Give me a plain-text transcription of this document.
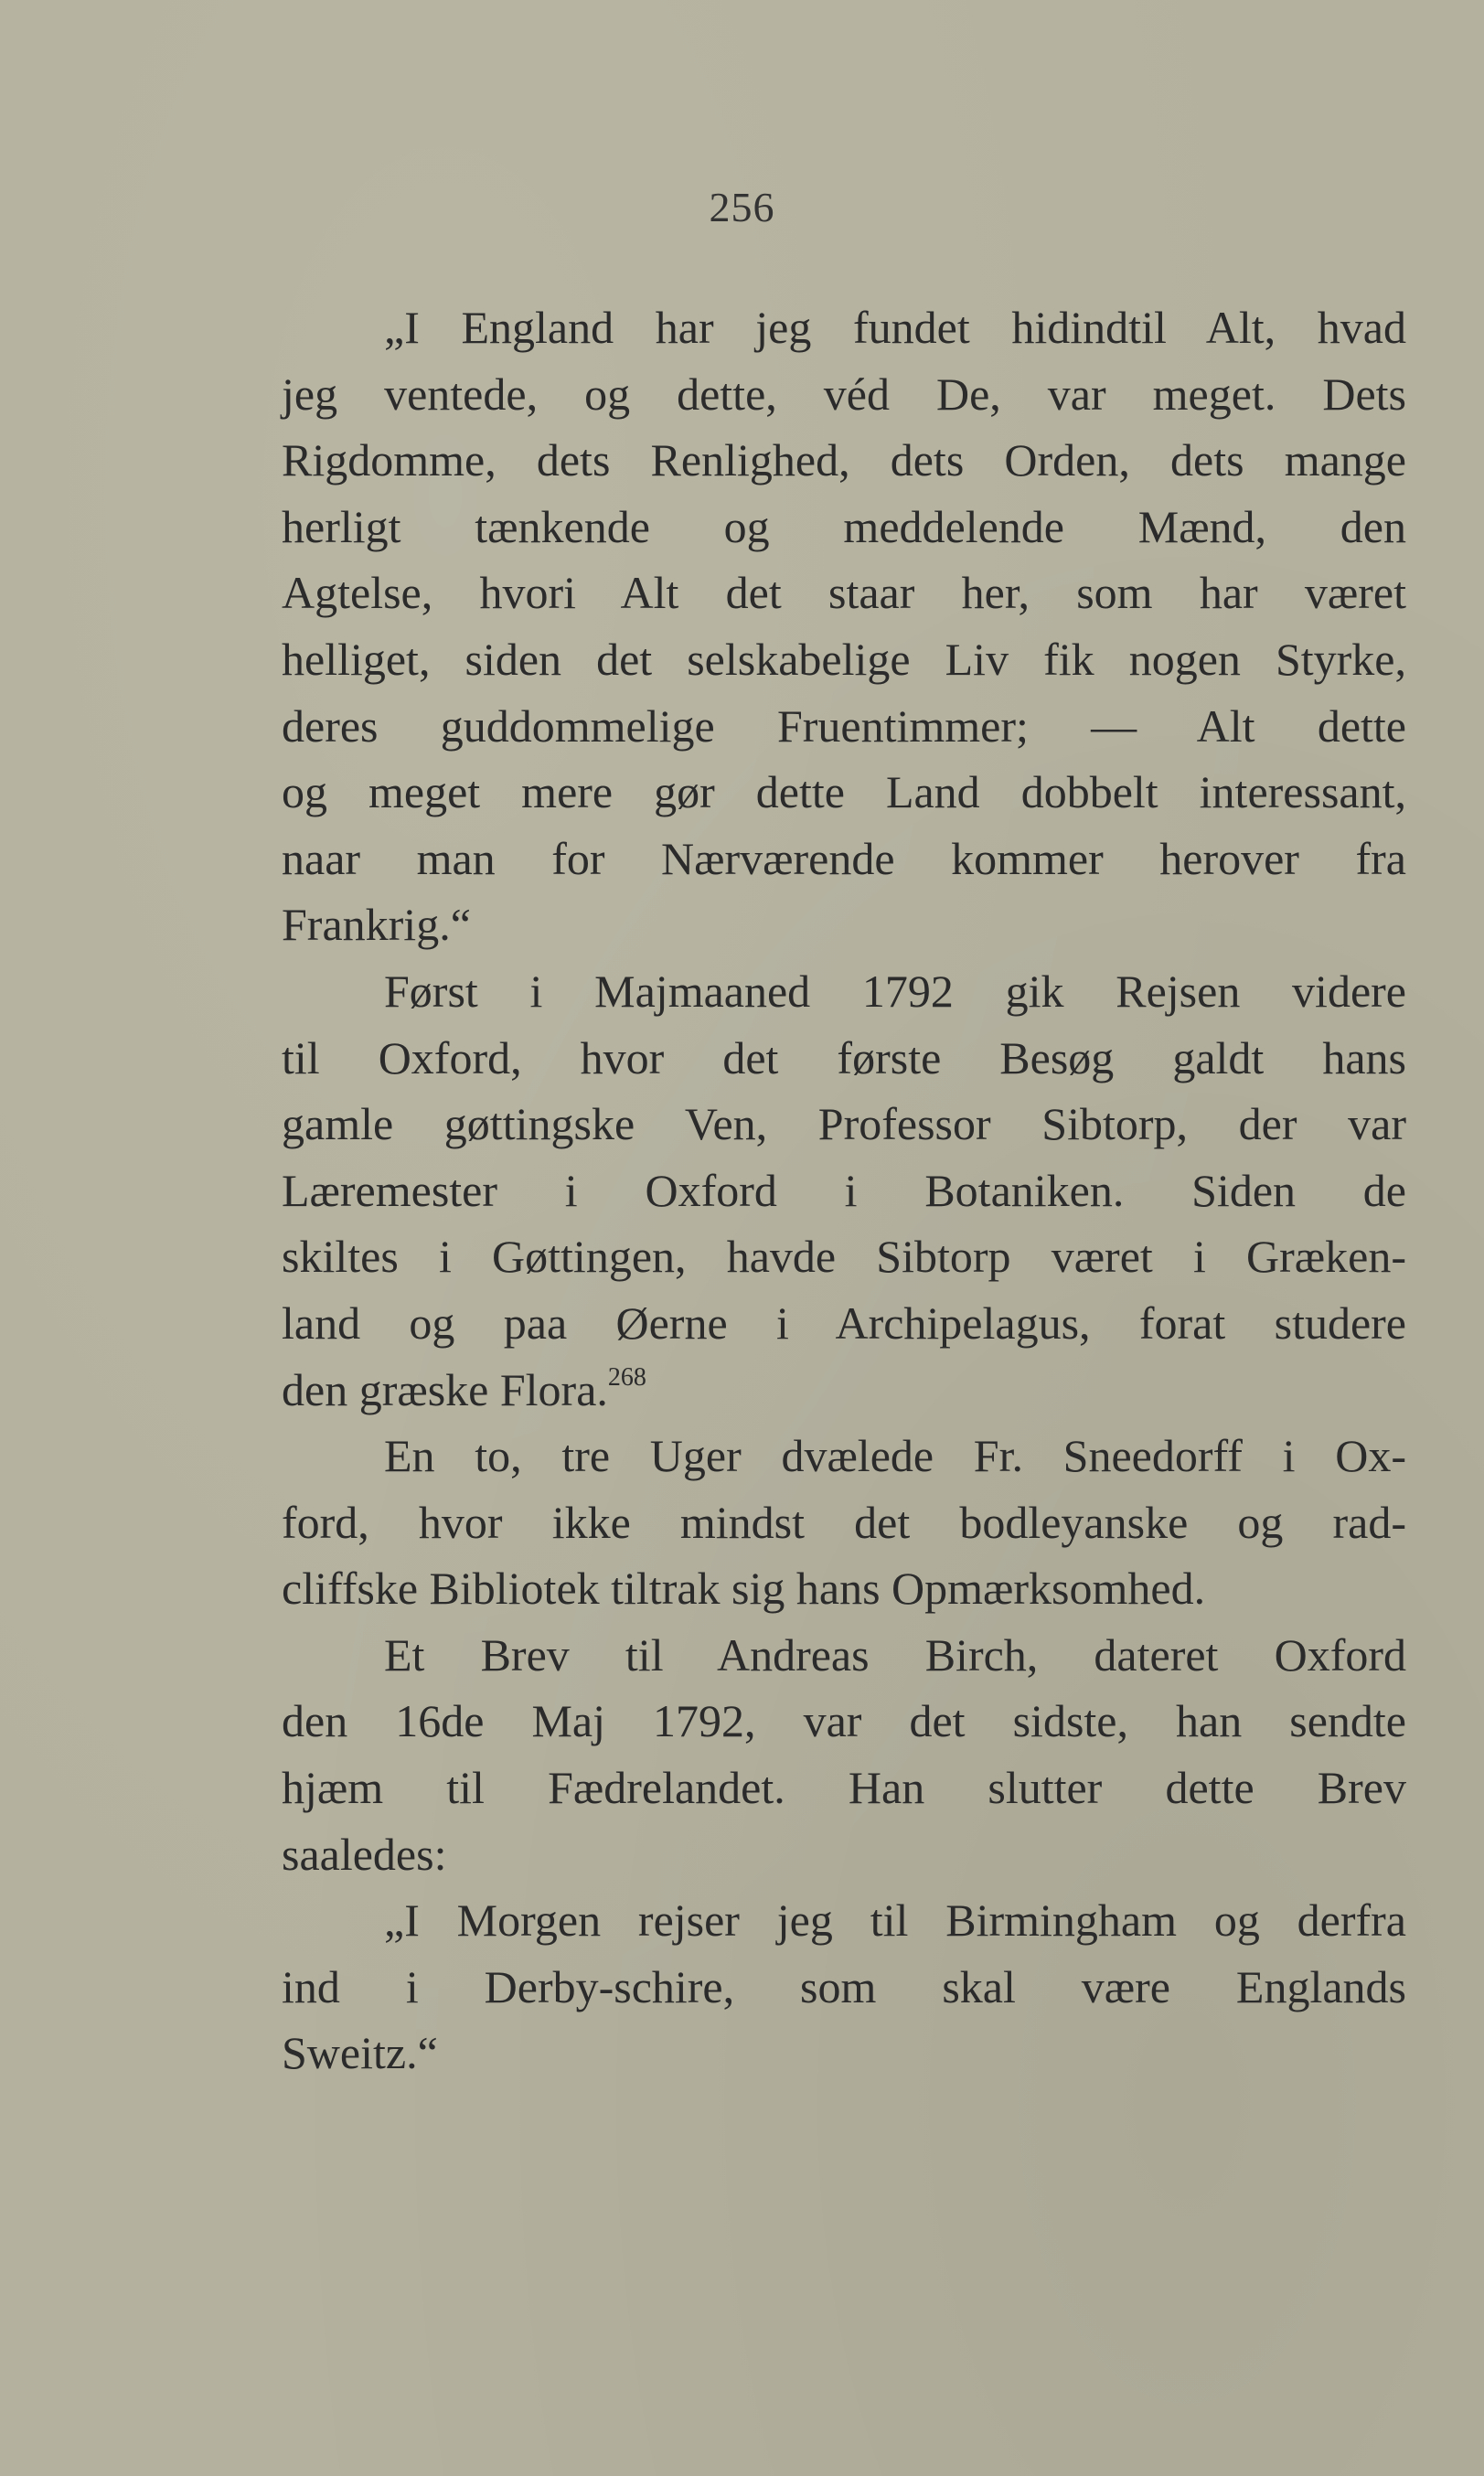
256
„I England har jeg fundet hidindtil Alt, hvad
jeg ventede, og dette, véd De, var meget. Dets
Rigdomme, dets Renlighed, dets Orden, dets mange
herligt tænkende og meddelende Mænd, den
Agtelse, hvori Alt det staar her, som har været
helliget, siden det selskabelige Liv fik nogen Styrke,
deres guddommelige Fruentimmer; — Alt dette
og meget mere gør dette Land dobbelt interessant,
naar man for Nærværende kommer herover fra
Frankrig.“
Først i Majmaaned 1792 gik Rejsen videre
til Oxford, hvor det første Besøg galdt hans
gamle gøttingske Ven, Professor Sibtorp, der var
Læremester i Oxford i Botaniken. Siden de
skiltes i Gøttingen, havde Sibtorp været i Græken-
land og paa Øerne i Archipelagus, forat studere
den græske Flora.$^{268}$
En to, tre Uger dvælede Fr. Sneedorff i Ox-
ford, hvor ikke mindst det bodleyanske og rad-
cliffske Bibliotek tiltrak sig hans Opmærksomhed.
Et Brev til Andreas Birch, dateret Oxford
den 16de Maj 1792, var det sidste, han sendte
hjæm til Fædrelandet. Han slutter dette Brev
saaledes:
„I Morgen rejser jeg til Birmingham og derfra
ind i Derby-schire, som skal være Englands
Sweitz.“
